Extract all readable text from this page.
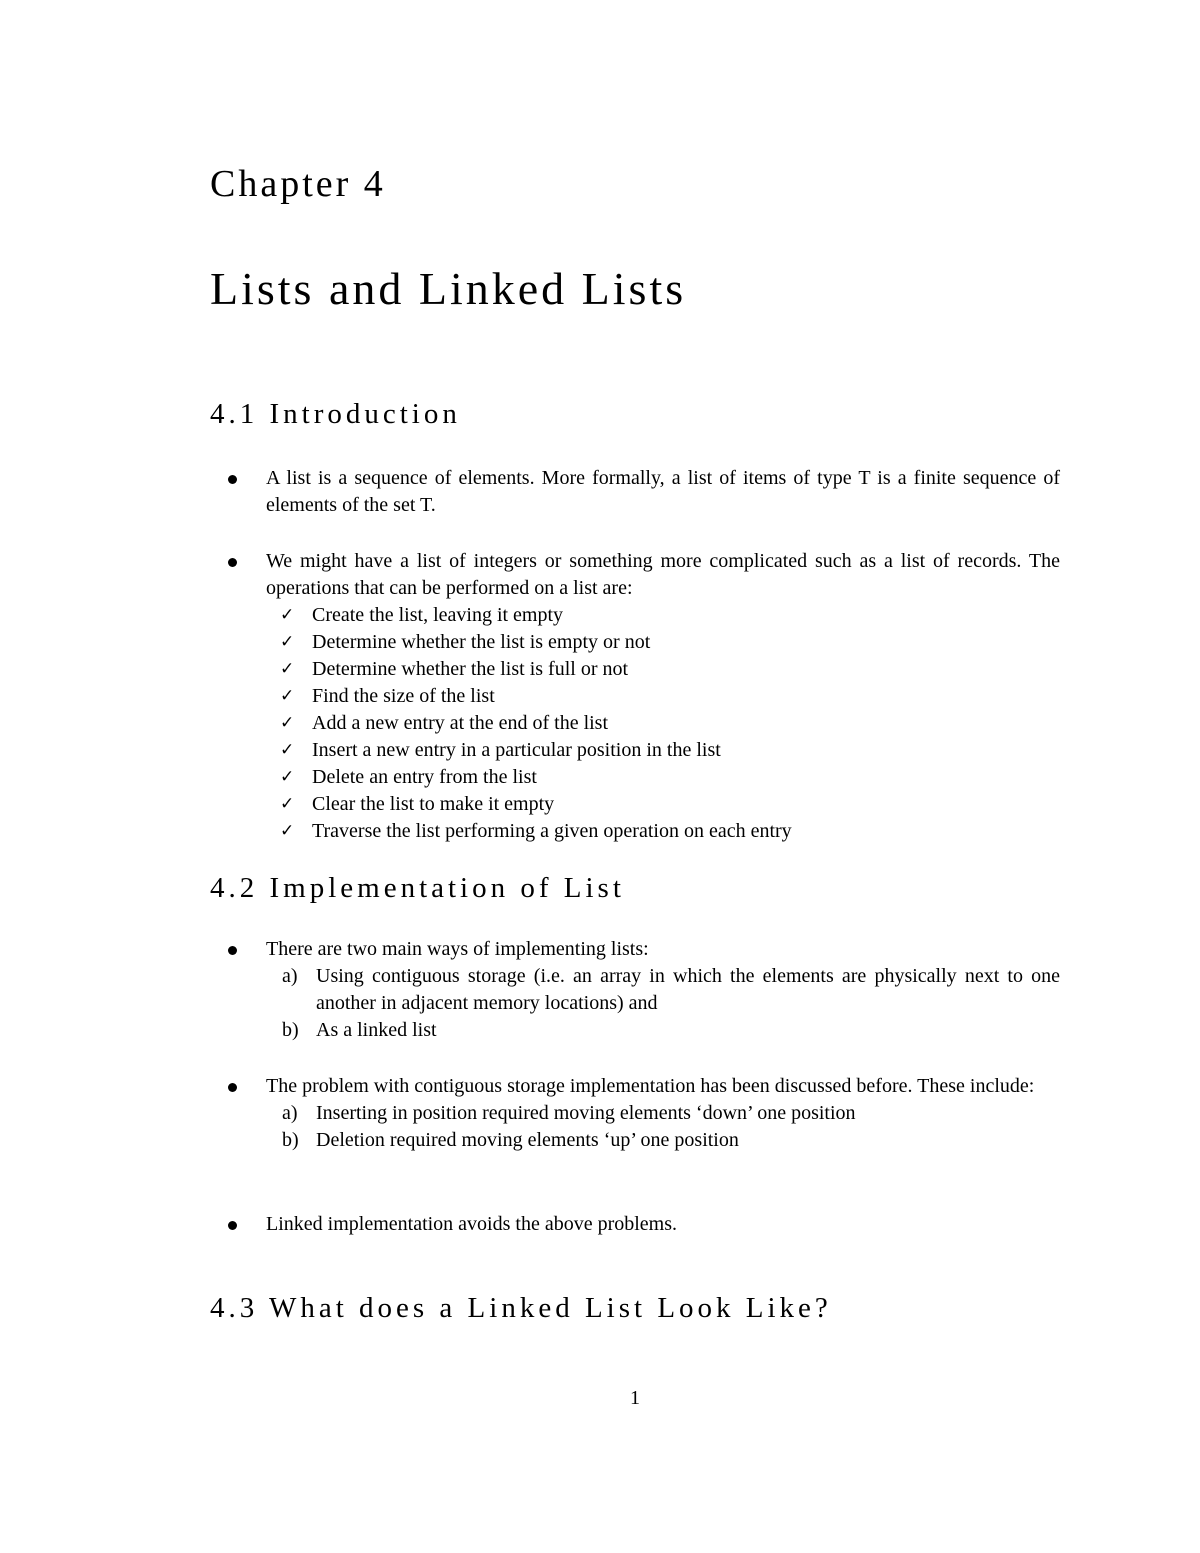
Chapter 4
Lists and Linked Lists
4.1 Introduction
A list is a sequence of elements. More formally, a list of items of type T is a finite sequence of elements of the set T.
We might have a list of integers or something more complicated such as a list of records. The operations that can be performed on a list are:
✓ Create the list, leaving it empty
✓ Determine whether the list is empty or not
✓ Determine whether the list is full or not
✓ Find the size of the list
✓ Add a new entry at the end of the list
✓ Insert a new entry in a particular position in the list
✓ Delete an entry from the list
✓ Clear the list to make it empty
✓ Traverse the list performing a given operation on each entry
4.2 Implementation of List
There are two main ways of implementing lists:
a) Using contiguous storage (i.e. an array in which the elements are physically next to one another in adjacent memory locations) and
b) As a linked list
The problem with contiguous storage implementation has been discussed before. These include:
a) Inserting in position required moving elements ‘down’ one position
b) Deletion required moving elements ‘up’ one position
Linked implementation avoids the above problems.
4.3 What does a Linked List Look Like?
1
